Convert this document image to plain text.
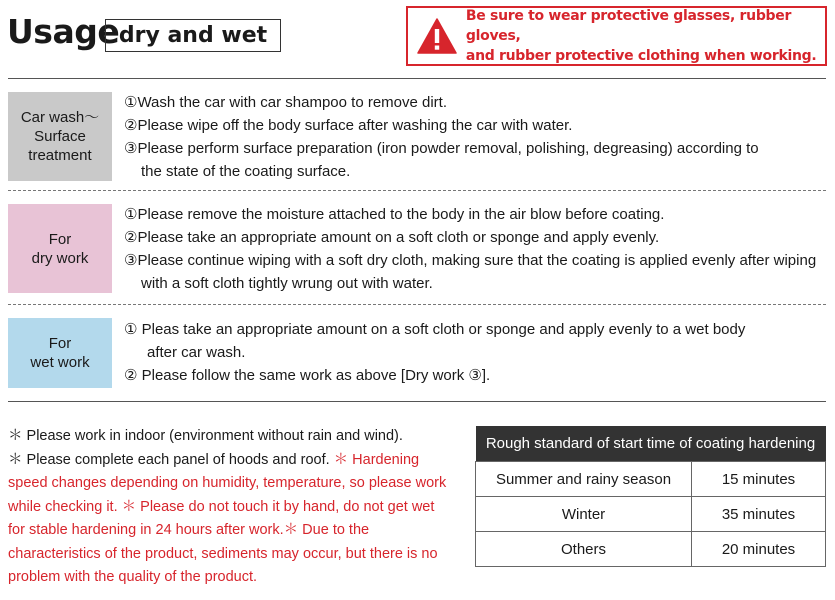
Usage dry and wet
Be sure to wear protective glasses, rubber gloves,
and rubber protective clothing when working.
Car wash～
Surface
treatment
①Wash the car with car shampoo to remove dirt.
②Please wipe off the body surface after washing the car with water.
③Please perform surface preparation (iron powder removal, polishing, degreasing) according to
the state of the coating surface.
For
dry work
①Please remove the moisture attached to the body in the air blow before coating.
②Please take an appropriate amount on a soft cloth or sponge and apply evenly.
③Please continue wiping with a soft dry cloth, making sure that the coating is applied evenly after wiping
with a soft cloth tightly wrung out with water.
For
wet work
① Pleas take an appropriate amount on a soft cloth or sponge and apply evenly to a wet body
after car wash.
② Please follow the same work as above [Dry work ③].
＊ Please work in indoor (environment without rain and wind).
＊ Please complete each panel of hoods and roof. ＊ Hardening speed changes depending on humidity, temperature, so please work while checking it. ＊ Please do not touch it by hand, do not get wet for stable hardening in 24 hours after work.＊ Due to the characteristics of the product, sediments may occur, but there is no problem with the quality of the product.
Rough standard of start time of coating hardening	
Summer and rainy season	15 minutes
Winter	35 minutes
Others	20 minutes
